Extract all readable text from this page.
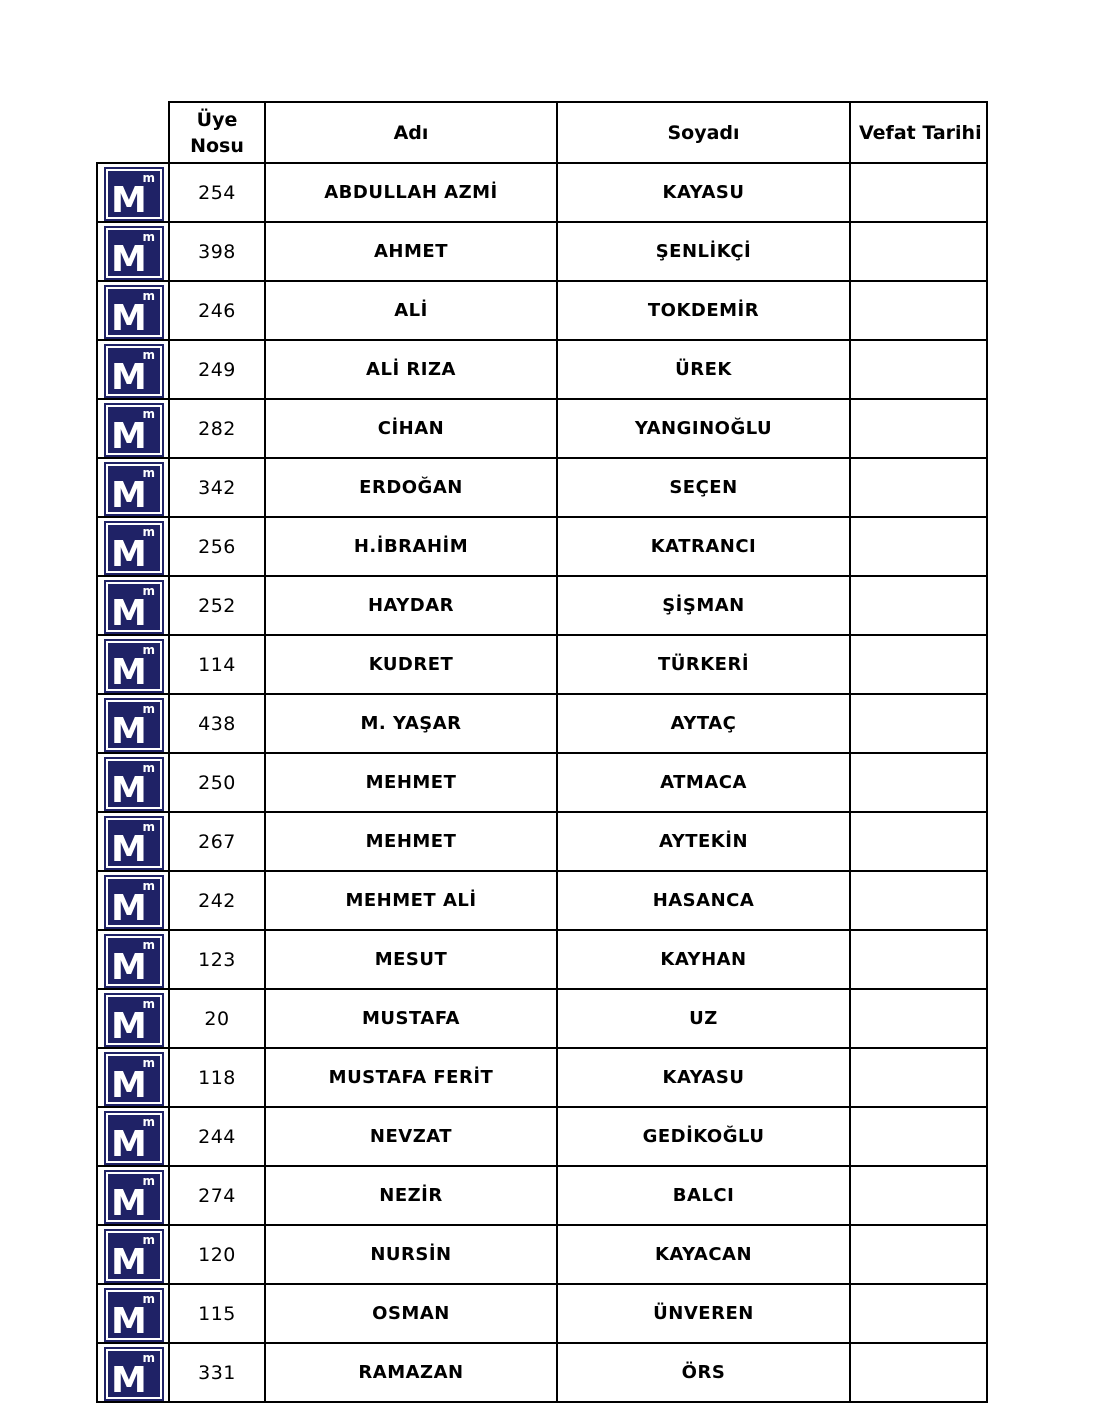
	Üye
Nosu	Adı	Soyadı	Vefat Tarihi

M
m	254	ABDULLAH AZMİ	KAYASU	

M
m	398	AHMET	ŞENLİKÇİ	

M
m	246	ALİ	TOKDEMİR	

M
m	249	ALİ RIZA	ÜREK	

M
m	282	CİHAN	YANGINOĞLU	

M
m	342	ERDOĞAN	SEÇEN	

M
m	256	H.İBRAHİM	KATRANCI	

M
m	252	HAYDAR	ŞİŞMAN	

M
m	114	KUDRET	TÜRKERİ	

M
m	438	M. YAŞAR	AYTAÇ	

M
m	250	MEHMET	ATMACA	

M
m	267	MEHMET	AYTEKİN	

M
m	242	MEHMET ALİ	HASANCA	

M
m	123	MESUT	KAYHAN	

M
m	20	MUSTAFA	UZ	

M
m	118	MUSTAFA FERİT	KAYASU	

M
m	244	NEVZAT	GEDİKOĞLU	

M
m	274	NEZİR	BALCI	

M
m	120	NURSİN	KAYACAN	

M
m	115	OSMAN	ÜNVEREN	

M
m	331	RAMAZAN	ÖRS	
